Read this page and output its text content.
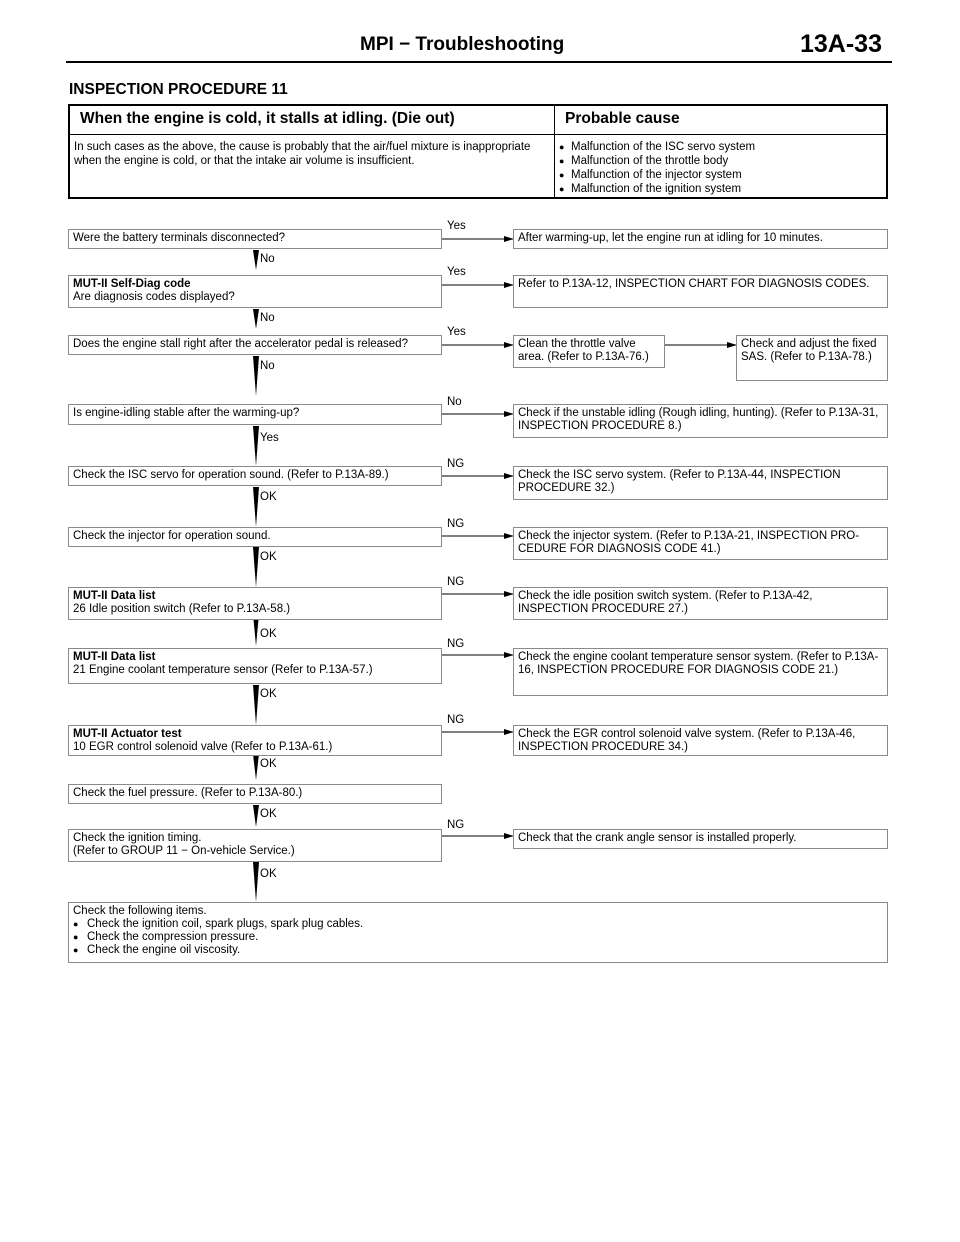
MPI − Troubleshooting	13A-33
INSPECTION PROCEDURE 11
When the engine is cold, it stalls at idling. (Die out)
In such cases as the above, the cause is probably that the air/fuel mixture is inappropriate when the engine is cold, or that the intake air volume is insufficient.
Probable cause
● Malfunction of the ISC servo system
● Malfunction of the throttle body
● Malfunction of the injector system
● Malfunction of the ignition system
Were the battery terminals disconnected?
Yes
After warming-up, let the engine run at idling for 10 minutes.
No
MUT-II Self-Diag code
Are diagnosis codes displayed?
Yes
Refer to P.13A-12, INSPECTION CHART FOR DIAGNOSIS CODES.
No
Does the engine stall right after the accelerator pedal is released?
Yes
Clean the throttle valve area. (Refer to P.13A-76.)
Check and adjust the fixed SAS. (Refer to P.13A-78.)
No
Is engine-idling stable after the warming-up?
No
Check if the unstable idling (Rough idling, hunting). (Refer to P.13A-31, INSPECTION PROCEDURE 8.)
Yes
Check the ISC servo for operation sound. (Refer to P.13A-89.)
NG
Check the ISC servo system. (Refer to P.13A-44, INSPECTION PROCEDURE 32.)
OK
Check the injector for operation sound.
NG
Check the injector system. (Refer to P.13A-21, INSPECTION PRO-CEDURE FOR DIAGNOSIS CODE 41.)
OK
MUT-II Data list
26 Idle position switch (Refer to P.13A-58.)
NG
Check the idle position switch system. (Refer to P.13A-42, INSPECTION PROCEDURE 27.)
OK
MUT-II Data list
21 Engine coolant temperature sensor (Refer to P.13A-57.)
NG
Check the engine coolant temperature sensor system. (Refer to P.13A-16, INSPECTION PROCEDURE FOR DIAGNOSIS CODE 21.)
OK
MUT-II Actuator test
10 EGR control solenoid valve (Refer to P.13A-61.)
NG
Check the EGR control solenoid valve system. (Refer to P.13A-46, INSPECTION PROCEDURE 34.)
OK
Check the fuel pressure. (Refer to P.13A-80.)
OK
Check the ignition timing.
(Refer to GROUP 11 − On-vehicle Service.)
NG
Check that the crank angle sensor is installed properly.
OK
Check the following items.
● Check the ignition coil, spark plugs, spark plug cables.
● Check the compression pressure.
● Check the engine oil viscosity.
